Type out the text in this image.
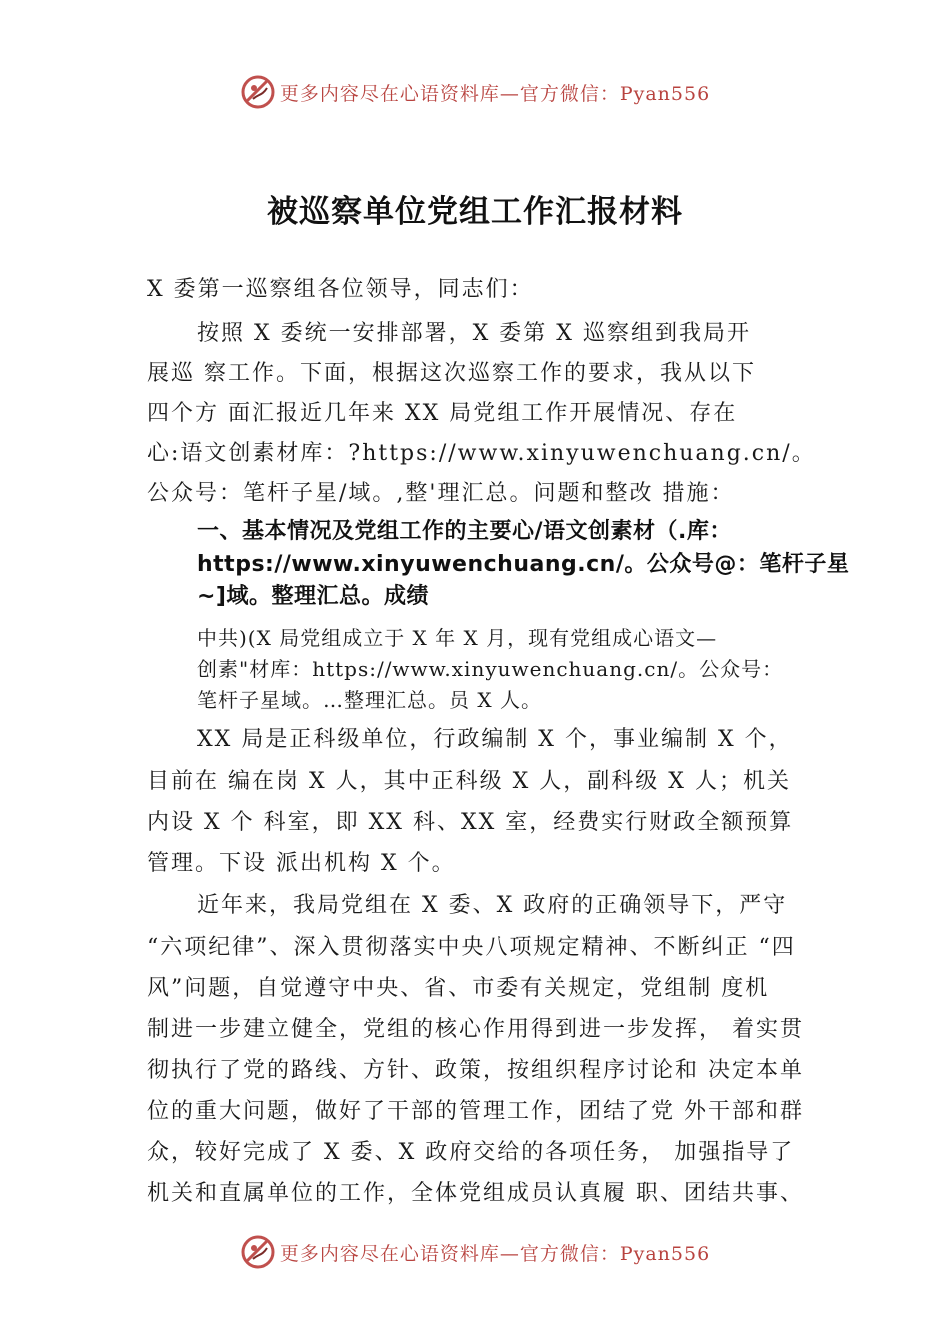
更多内容尽在心语资料库—官方微信：Pyan556
被巡察单位党组工作汇报材料
X 委第一巡察组各位领导，同志们：
按照 X 委统一安排部署，X 委第 X 巡察组到我局开
展巡 察工作。下面，根据这次巡察工作的要求，我从以下
四个方 面汇报近几年来 XX 局党组工作开展情况、存在
心:语文创素材库：?https://www.xinyuwenchuang.cn/。
公众号：笔杆子星/域。,整'理汇总。问题和整改 措施：
一、基本情况及党组工作的主要心/语文创素材（.库：
https://www.xinyuwenchuang.cn/。公众号@：笔杆子星
~]域。整理汇总。成绩
中共)(X 局党组成立于 X 年 X 月，现有党组成心语文—
创素"材库：https://www.xinyuwenchuang.cn/。公众号：
笔杆子星域。…整理汇总。员 X 人。
XX 局是正科级单位，行政编制 X 个，事业编制 X 个，
目前在 编在岗 X 人，其中正科级 X 人，副科级 X 人；机关
内设 X 个 科室，即 XX 科、XX 室，经费实行财政全额预算
管理。下设 派出机构 X 个。
近年来，我局党组在 X 委、X 政府的正确领导下，严守
“六项纪律”、深入贯彻落实中央八项规定精神、不断纠正 “四
风”问题，自觉遵守中央、省、市委有关规定，党组制 度机
制进一步建立健全，党组的核心作用得到进一步发挥， 着实贯
彻执行了党的路线、方针、政策，按组织程序讨论和 决定本单
位的重大问题，做好了干部的管理工作，团结了党 外干部和群
众，较好完成了 X 委、X 政府交给的各项任务， 加强指导了
机关和直属单位的工作，全体党组成员认真履 职、团结共事、
更多内容尽在心语资料库—官方微信：Pyan556
